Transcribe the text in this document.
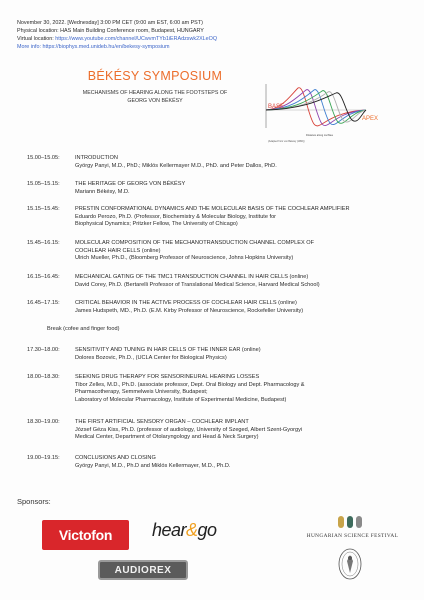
November 30, 2022. [Wednesday] 3:00 PM CET (9:00 am EST, 6:00 am PST)
Physical location: HAS Main Building Conference room, Budapest, HUNGARY
Virtual location: https://www.youtube.com/channel/UCwvmTYb1iERAdzswk2XLeOQ
More info: https://biophys.med.unideb.hu/en/bekesy-symposium
BÉKÉSY SYMPOSIUM
MECHANISMS OF HEARING ALONG THE FOOTSTEPS OF
GEORG VON BÉKÉSY
BASE
APEX
Distance along cochlea
(Adapted from von Békésy (1960))
15.00–15.05:	INTRODUCTION
György Panyi, M.D., PhD.; Miklós Kellermayer M.D., PhD. and Peter Dallos, PhD.
15.05–15.15:	THE HERITAGE OF GEORG VON BÉKÉSY
Mariann Békésy, M.D.
15.15–15.45:	PRESTIN CONFORMATIONAL DYNAMICS AND THE MOLECULAR BASIS OF THE COCHLEAR AMPLIFIER
Eduardo Perozo, Ph.D. (Professor, Biochemistry & Molecular Biology, Institute for
Biophysical Dynamics; Pritzker Fellow, The University of Chicago)
15.45–16.15:	MOLECULAR COMPOSITION OF THE MECHANOTRANSDUCTION CHANNEL COMPLEX OF
COCHLEAR HAIR CELLS (online)
Ulrich Mueller, Ph.D., (Bloomberg Professor of Neuroscience, Johns Hopkins University)
16.15–16.45:	MECHANICAL GATING OF THE TMC1 TRANSDUCTION CHANNEL IN HAIR CELLS (online)
David Corey, Ph.D. (Bertarelli Professor of Translational Medical Science, Harvard Medical School)
16.45–17.15:	CRITICAL BEHAVIOR IN THE ACTIVE PROCESS OF COCHLEAR HAIR CELLS (online)
James Hudspeth, MD., Ph.D. (E.M. Kirby Professor of Neuroscience, Rockefeller University)
Break (cofee and finger food)
17.30–18.00:	SENSITIVITY AND TUNING IN HAIR CELLS OF THE INNER EAR (online)
Dolores Bozovic, Ph.D., (UCLA Center for Biological Physics)
18.00–18.30:	SEEKING DRUG THERAPY FOR SENSORINEURAL HEARING LOSSES
Tibor Zelles, M.D., Ph.D. (associate professor, Dept. Oral Biology and Dept. Pharmacology &
Pharmacotherapy, Semmelweis University, Budapest;
Laboratory of Molecular Pharmacology, Institute of Experimental Medicine, Budapest)
18.30–19.00:	THE FIRST ARTIFICIAL SENSORY ORGAN – COCHLEAR IMPLANT
József Géza Kiss, Ph.D. (professor of audiology, University of Szeged, Albert Szent-Gyorgyi
Medical Center, Department of Otolaryngology and Head & Neck Surgery)
19.00–19.15:	CONCLUSIONS AND CLOSING
György Panyi, M.D., Ph.D and Miklós Kellermayer, M.D., Ph.D.
Sponsors:
Victofon hear&go
AUDIOREX
HUNGARIAN SCIENCE FESTIVAL
